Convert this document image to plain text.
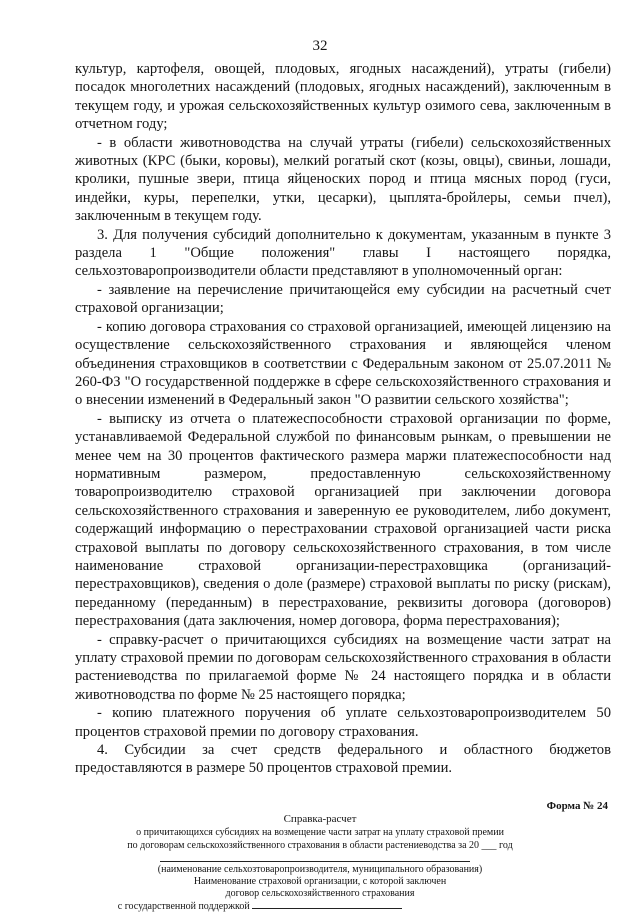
32

культур, картофеля, овощей, плодовых, ягодных насаждений), утраты (гибели) посадок многолетних насаждений (плодовых, ягодных насаждений), заключенным в текущем году, и урожая сельскохозяйственных культур озимого сева, заключенным в отчетном году;

- в области животноводства на случай утраты (гибели) сельскохозяйственных животных (КРС (быки, коровы), мелкий рогатый скот (козы, овцы), свиньи, лошади, кролики, пушные звери, птица яйценоских пород и птица мясных пород (гуси, индейки, куры, перепелки, утки, цесарки), цыплята-бройлеры, семьи пчел), заключенным в текущем году.

3. Для получения субсидий дополнительно к документам, указанным в пункте 3 раздела 1 "Общие положения" главы I настоящего порядка, сельхозтоваропроизводители области представляют в уполномоченный орган:

- заявление на перечисление причитающейся ему субсидии на расчетный счет страховой организации;

- копию договора страхования со страховой организацией, имеющей лицензию на осуществление сельскохозяйственного страхования и являющейся членом объединения страховщиков в соответствии с Федеральным законом от 25.07.2011 № 260-ФЗ "О государственной поддержке в сфере сельскохозяйственного страхования и о внесении изменений в Федеральный закон "О развитии сельского хозяйства";

- выписку из отчета о платежеспособности страховой организации по форме, устанавливаемой Федеральной службой по финансовым рынкам, о превышении не менее чем на 30 процентов фактического размера маржи платежеспособности над нормативным размером, предоставленную сельскохозяйственному товаропроизводителю страховой организацией при заключении договора сельскохозяйственного страхования и заверенную ее руководителем, либо документ, содержащий информацию о перестраховании страховой организацией части риска страховой выплаты по договору сельскохозяйственного страхования, в том числе наименование страховой организации-перестраховщика (организаций-перестраховщиков), сведения о доле (размере) страховой выплаты по риску (рискам), переданному (переданным) в перестрахование, реквизиты договора (договоров) перестрахования (дата заключения, номер договора, форма перестрахования);

- справку-расчет о причитающихся субсидиях на возмещение части затрат на уплату страховой премии по договорам сельскохозяйственного страхования в области растениеводства по прилагаемой форме № 24 настоящего порядка и в области животноводства по форме № 25 настоящего порядка;

- копию платежного поручения об уплате сельхозтоваропроизводителем 50 процентов страховой премии по договору страхования.

4. Субсидии за счет средств федерального и областного бюджетов предоставляются в размере 50 процентов страховой премии.

Форма № 24
Справка-расчет
о причитающихся субсидиях на возмещение части затрат на уплату страховой премии
по договорам сельскохозяйственного страхования в области растениеводства за 20 ___ год
(наименование сельхозтоваропроизводителя, муниципального образования)
Наименование страховой организации, с которой заключен
договор сельскохозяйственного страхования
с государственной поддержкой
